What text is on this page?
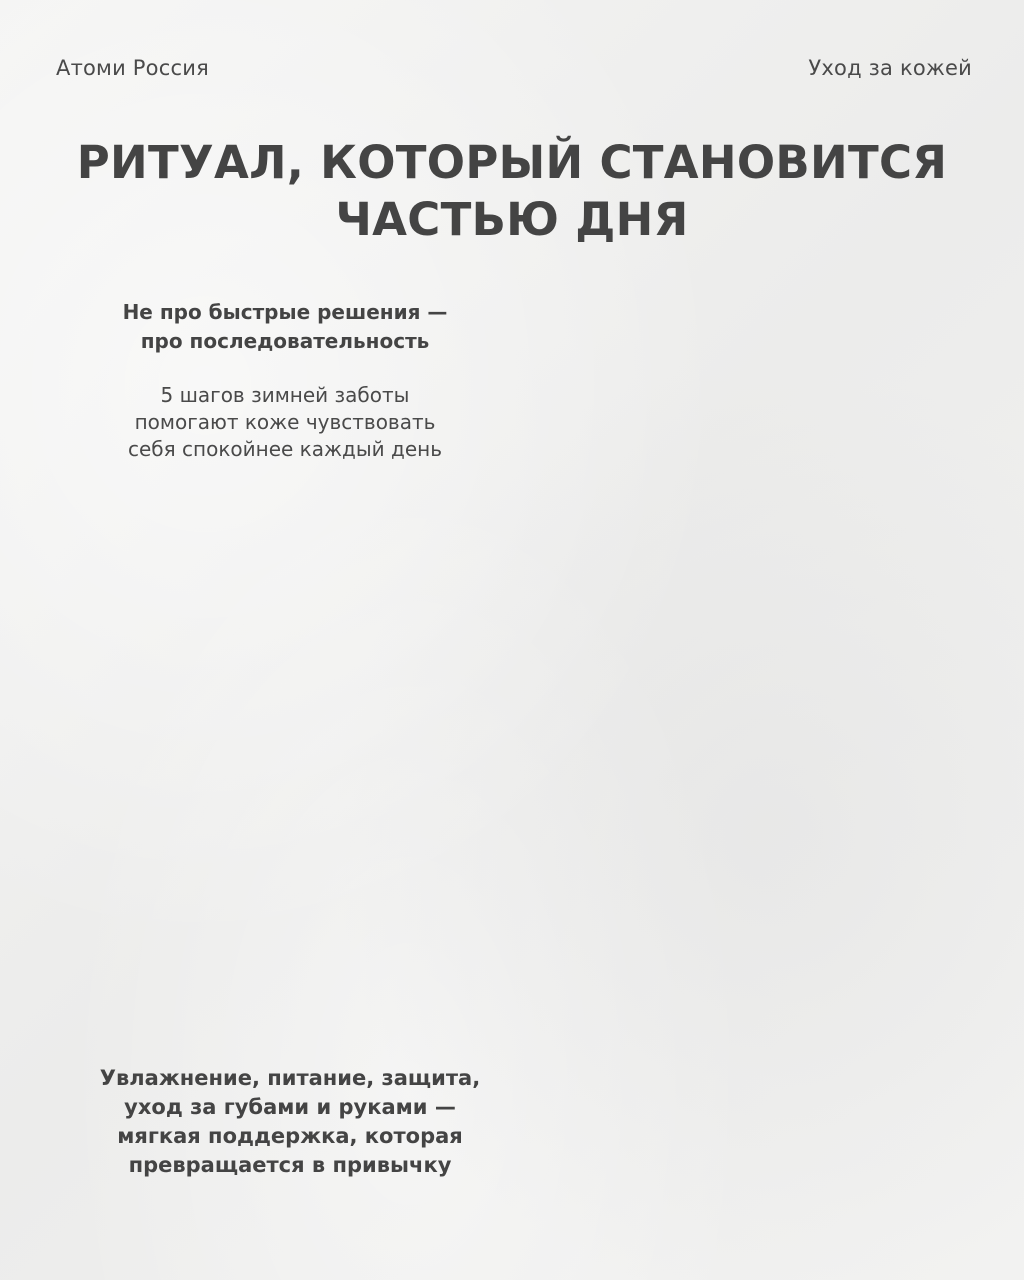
Атоми Россия	Уход за кожей
РИТУАЛ, КОТОРЫЙ СТАНОВИТСЯ
ЧАСТЬЮ ДНЯ

Не про быстрые решения —
про последовательность

5 шагов зимней заботы
помогают коже чувствовать
себя спокойнее каждый день

Увлажнение, питание, защита,
уход за губами и руками —
мягкая поддержка, которая
превращается в привычку
